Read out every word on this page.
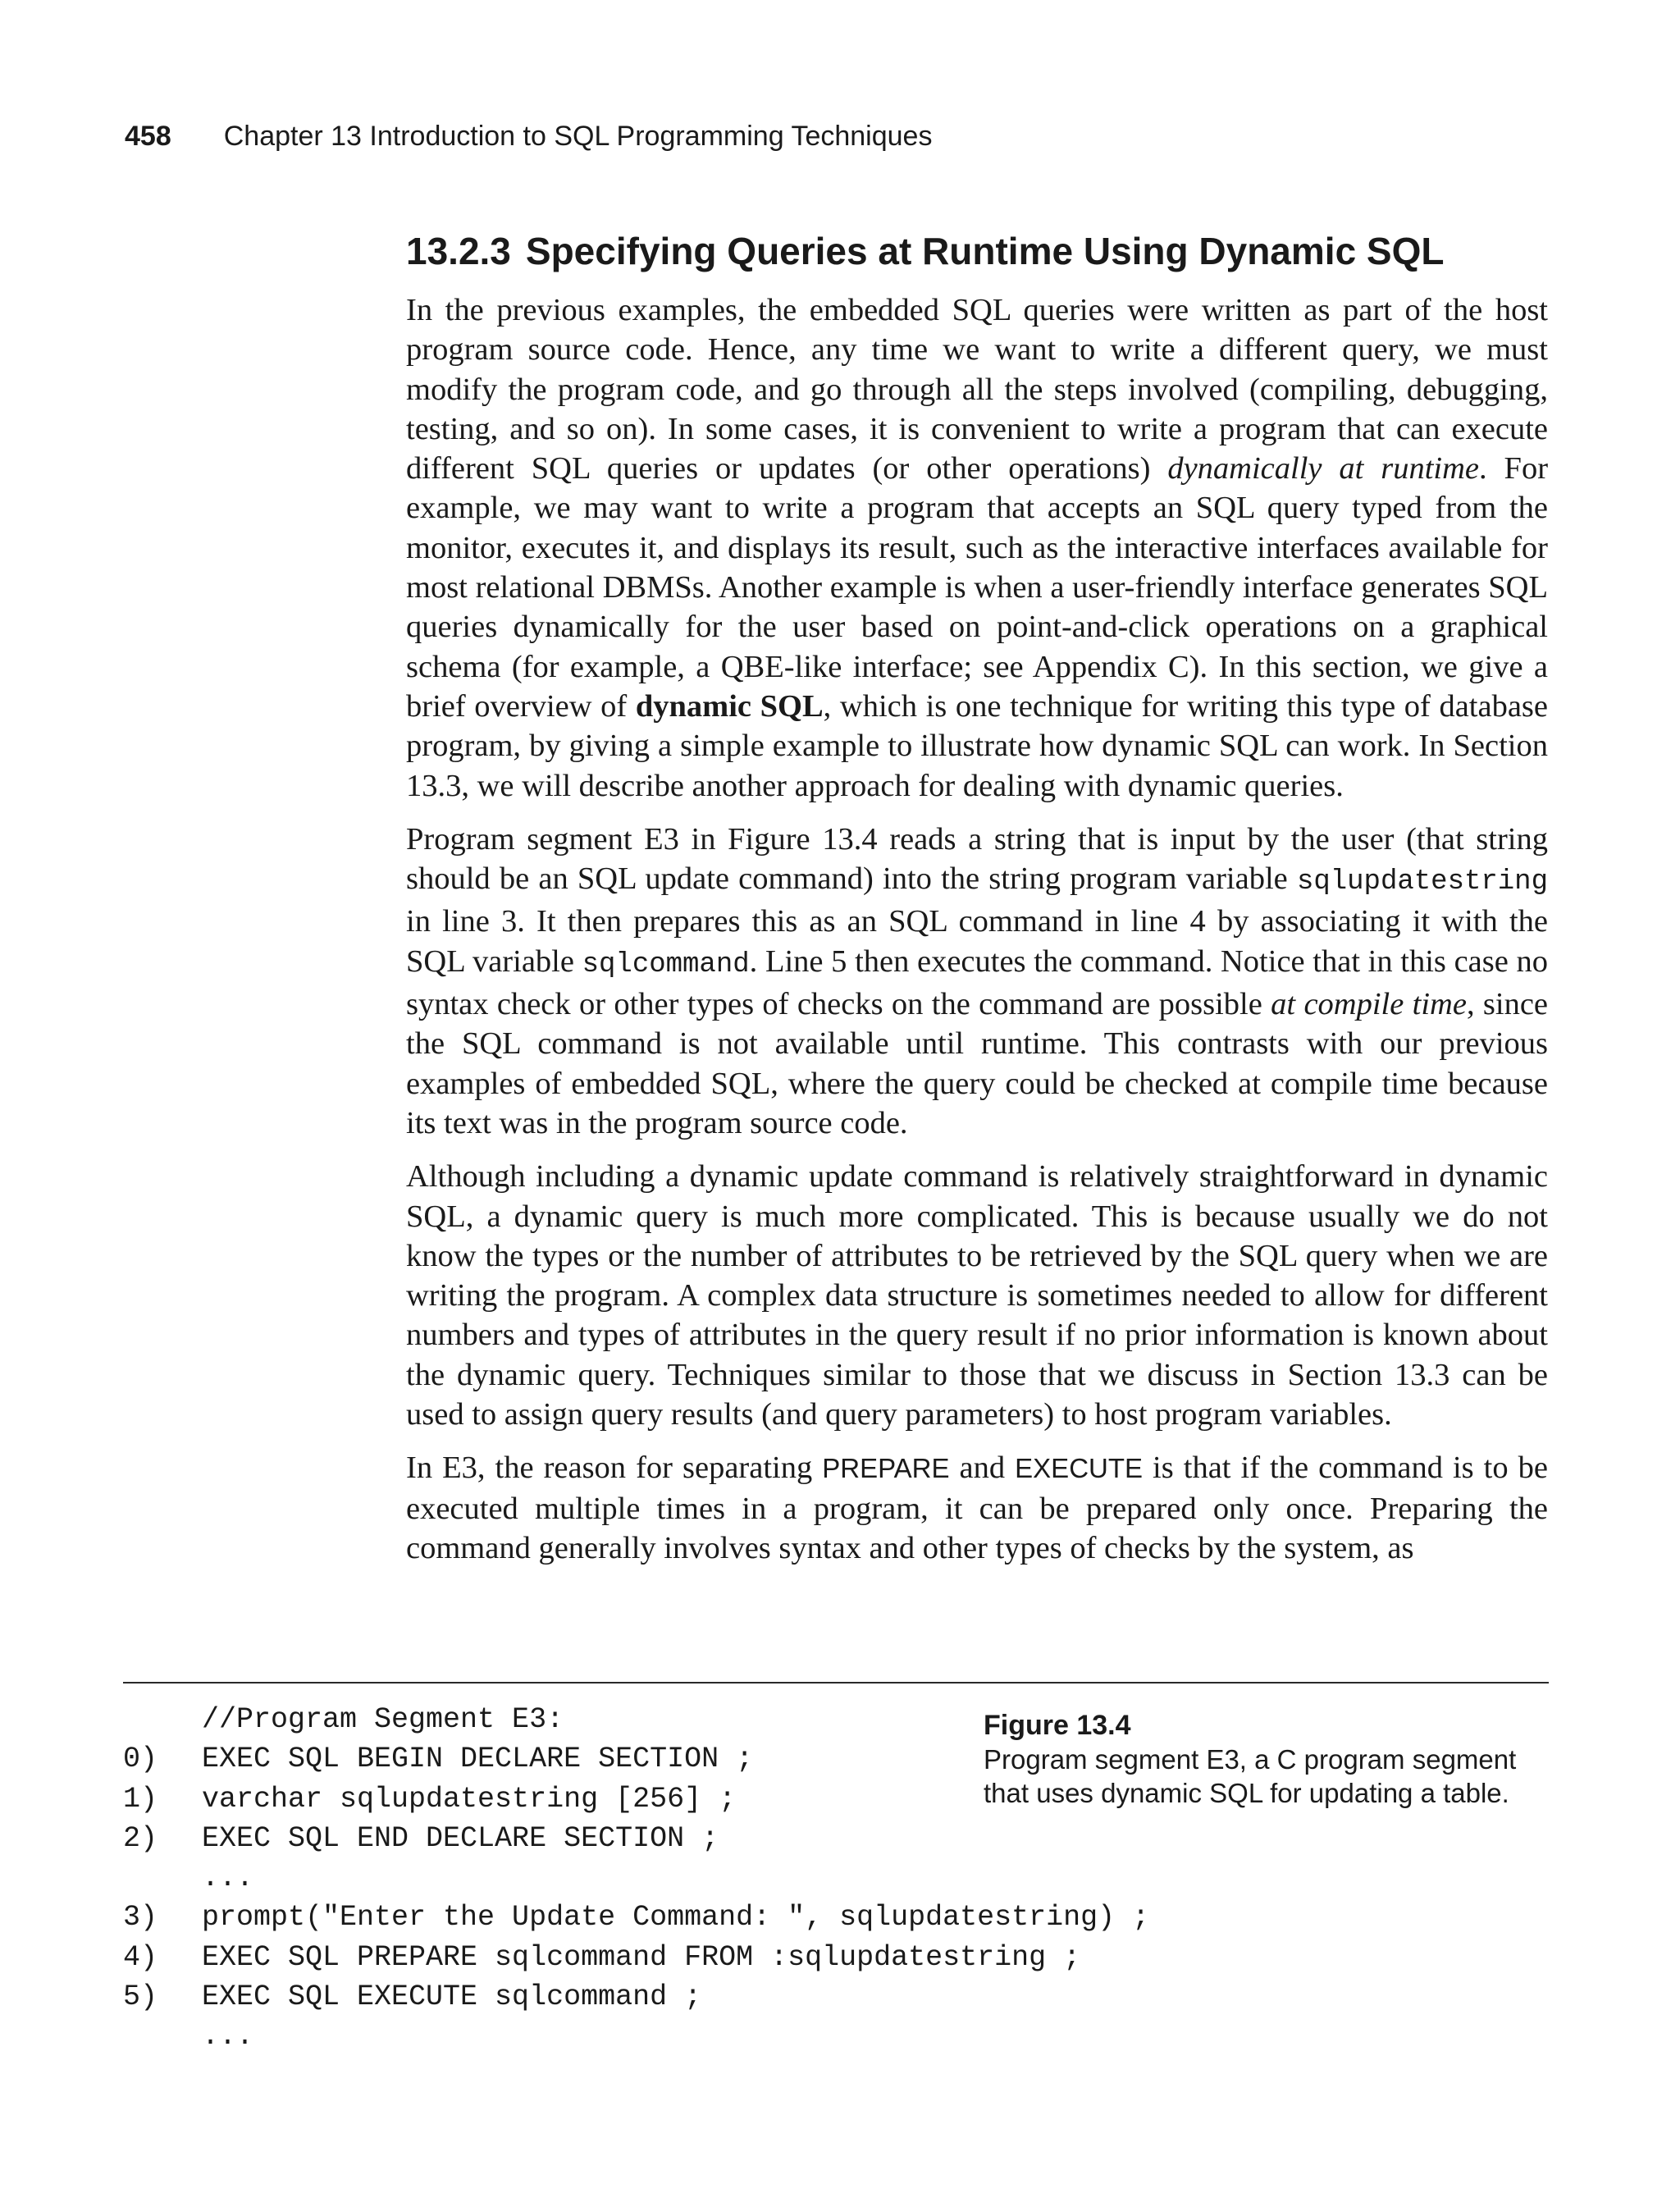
458 Chapter 13 Introduction to SQL Programming Techniques
13.2.3 Specifying Queries at Runtime Using Dynamic SQL

In the previous examples, the embedded SQL queries were written as part of the host program source code. Hence, any time we want to write a different query, we must modify the program code, and go through all the steps involved (compiling, debugging, testing, and so on). In some cases, it is convenient to write a program that can execute different SQL queries or updates (or other operations) dynamically at runtime. For example, we may want to write a program that accepts an SQL query typed from the monitor, executes it, and displays its result, such as the interactive interfaces available for most relational DBMSs. Another example is when a user-friendly interface generates SQL queries dynamically for the user based on point-and-click operations on a graphical schema (for example, a QBE-like interface; see Appendix C). In this section, we give a brief overview of dynamic SQL, which is one technique for writing this type of database program, by giving a simple example to illustrate how dynamic SQL can work. In Section 13.3, we will describe another approach for dealing with dynamic queries.

Program segment E3 in Figure 13.4 reads a string that is input by the user (that string should be an SQL update command) into the string program variable sqlupdatestring in line 3. It then prepares this as an SQL command in line 4 by associating it with the SQL variable sqlcommand. Line 5 then executes the command. Notice that in this case no syntax check or other types of checks on the command are possible at compile time, since the SQL command is not available until runtime. This contrasts with our previous examples of embedded SQL, where the query could be checked at compile time because its text was in the program source code.

Although including a dynamic update command is relatively straightforward in dynamic SQL, a dynamic query is much more complicated. This is because usually we do not know the types or the number of attributes to be retrieved by the SQL query when we are writing the program. A complex data structure is sometimes needed to allow for different numbers and types of attributes in the query result if no prior information is known about the dynamic query. Techniques similar to those that we discuss in Section 13.3 can be used to assign query results (and query parameters) to host program variables.

In E3, the reason for separating PREPARE and EXECUTE is that if the command is to be executed multiple times in a program, it can be prepared only once. Preparing the command generally involves syntax and other types of checks by the system, as

//Program Segment E3:
0)	EXEC SQL BEGIN DECLARE SECTION ;
1)	varchar sqlupdatestring [256] ;
2)	EXEC SQL END DECLARE SECTION ;
...
3)	prompt("Enter the Update Command: ", sqlupdatestring) ;
4)	EXEC SQL PREPARE sqlcommand FROM :sqlupdatestring ;
5)	EXEC SQL EXECUTE sqlcommand ;
...
Figure 13.4
Program segment E3, a C program segment that uses dynamic SQL for updating a table.
